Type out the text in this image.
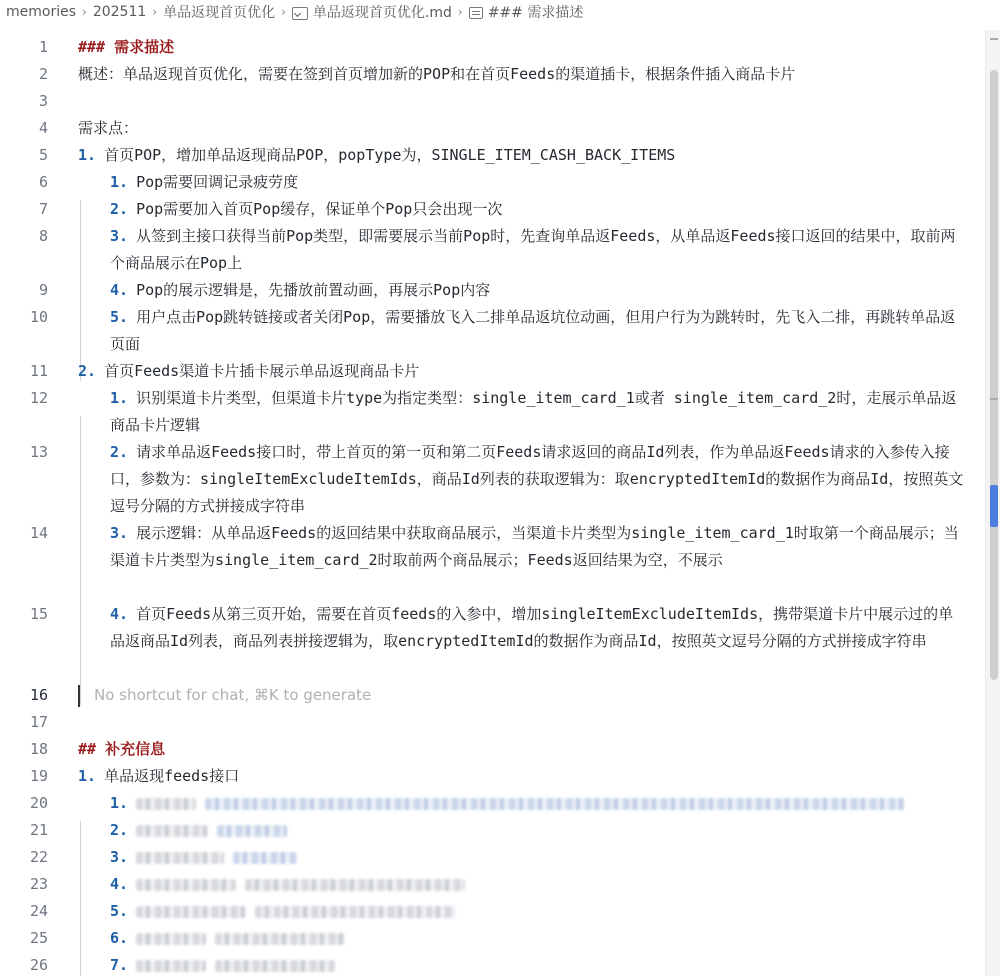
memories › 202511 › 单品返现首页优化 › 单品返现首页优化.md › ### 需求描述
1 ### 需求描述
2 概述：单品返现首页优化，需要在签到首页增加新的POP和在首页Feeds的渠道插卡，根据条件插入商品卡片
3
4 需求点：
5 1. 首页POP，增加单品返现商品POP，popType为，SINGLE_ITEM_CASH_BACK_ITEMS
6	1. Pop需要回调记录疲劳度
7	2. Pop需要加入首页Pop缓存，保证单个Pop只会出现一次
8	3. 从签到主接口获得当前Pop类型，即需要展示当前Pop时，先查询单品返Feeds，从单品返Feeds接口返回的结果中，取前两个商品展示在Pop上
9	4. Pop的展示逻辑是，先播放前置动画，再展示Pop内容
10	5. 用户点击Pop跳转链接或者关闭Pop，需要播放飞入二排单品返坑位动画，但用户行为为跳转时，先飞入二排，再跳转单品返页面
11 2. 首页Feeds渠道卡片插卡展示单品返现商品卡片
12	1. 识别渠道卡片类型，但渠道卡片type为指定类型：single_item_card_1或者 single_item_card_2时，走展示单品返商品卡片逻辑
13	2. 请求单品返Feeds接口时，带上首页的第一页和第二页Feeds请求返回的商品Id列表，作为单品返Feeds请求的入参传入接口，参数为：singleItemExcludeItemIds，商品Id列表的获取逻辑为：取encryptedItemId的数据作为商品Id，按照英文逗号分隔的方式拼接成字符串
14	3. 展示逻辑：从单品返Feeds的返回结果中获取商品展示，当渠道卡片类型为single_item_card_1时取第一个商品展示；当渠道卡片类型为single_item_card_2时取前两个商品展示；Feeds返回结果为空，不展示
15	4. 首页Feeds从第三页开始，需要在首页feeds的入参中，增加singleItemExcludeItemIds，携带渠道卡片中展示过的单品返商品Id列表，商品列表拼接逻辑为，取encryptedItemId的数据作为商品Id，按照英文逗号分隔的方式拼接成字符串
16	No shortcut for chat, ⌘K to generate
17
18 ## 补充信息
19 1. 单品返现feeds接口
20	1.
21	2.
22	3.
23	4.
24	5.
25	6.
26	7.
